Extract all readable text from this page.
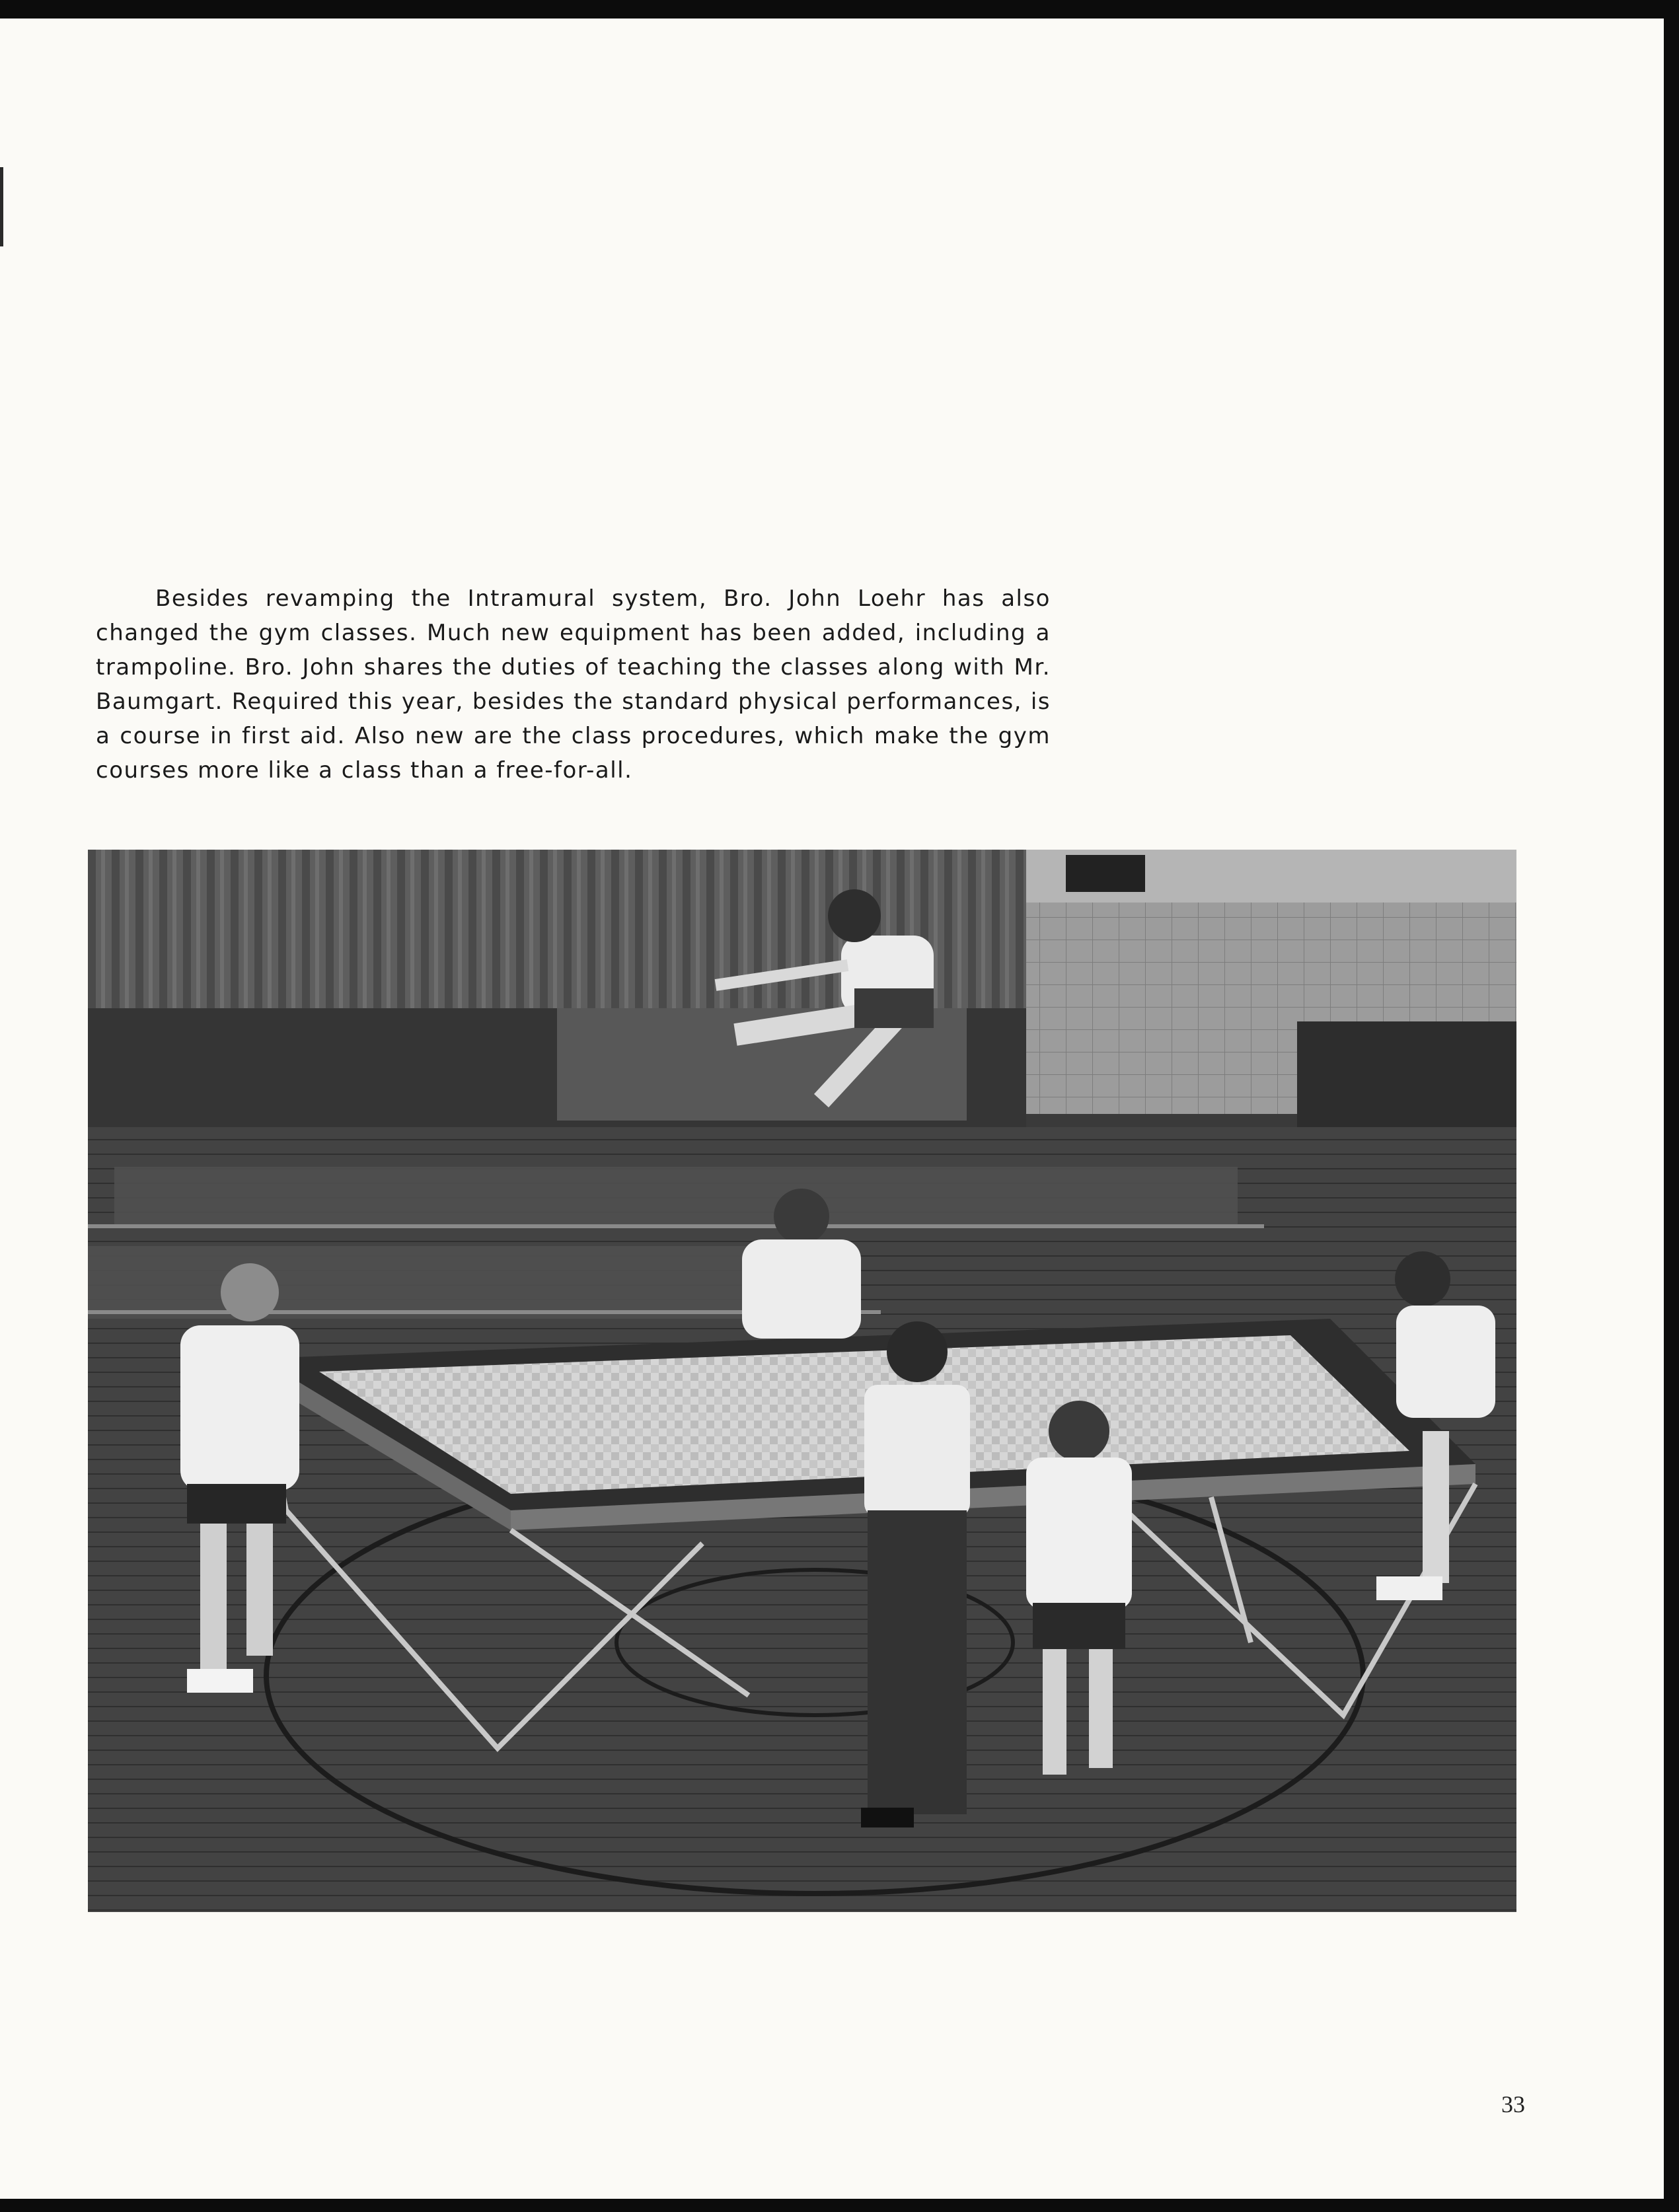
Besides revamping the Intramural system, Bro. John Loehr has also changed the gym classes. Much new equipment has been added, including a trampoline. Bro. John shares the duties of teaching the classes along with Mr. Baumgart. Required this year, besides the standard physical performances, is a course in first aid. Also new are the class procedures, which make the gym courses more like a class than a free-for-all.

33
